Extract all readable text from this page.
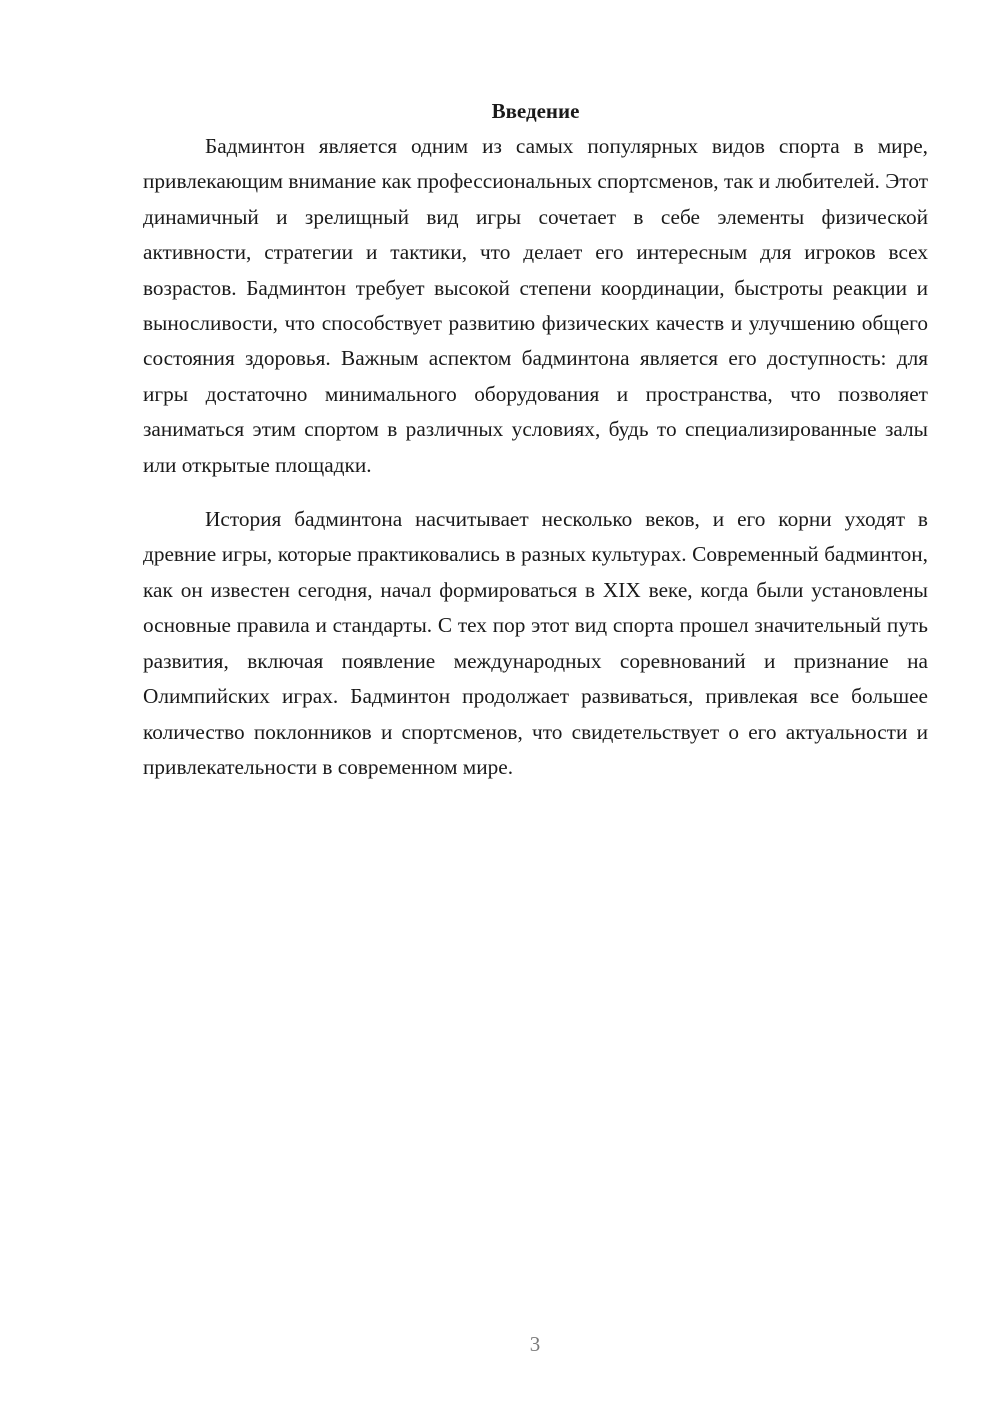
Введение

Бадминтон является одним из самых популярных видов спорта в мире, привлекающим внимание как профессиональных спортсменов, так и любителей. Этот динамичный и зрелищный вид игры сочетает в себе элементы физической активности, стратегии и тактики, что делает его интересным для игроков всех возрастов. Бадминтон требует высокой степени координации, быстроты реакции и выносливости, что способствует развитию физических качеств и улучшению общего состояния здоровья. Важным аспектом бадминтона является его доступность: для игры достаточно минимального оборудования и пространства, что позволяет заниматься этим спортом в различных условиях, будь то специализированные залы или открытые площадки.

История бадминтона насчитывает несколько веков, и его корни уходят в древние игры, которые практиковались в разных культурах. Современный бадминтон, как он известен сегодня, начал формироваться в XIX веке, когда были установлены основные правила и стандарты. С тех пор этот вид спорта прошел значительный путь развития, включая появление международных соревнований и признание на Олимпийских играх. Бадминтон продолжает развиваться, привлекая все большее количество поклонников и спортсменов, что свидетельствует о его актуальности и привлекательности в современном мире.

3
